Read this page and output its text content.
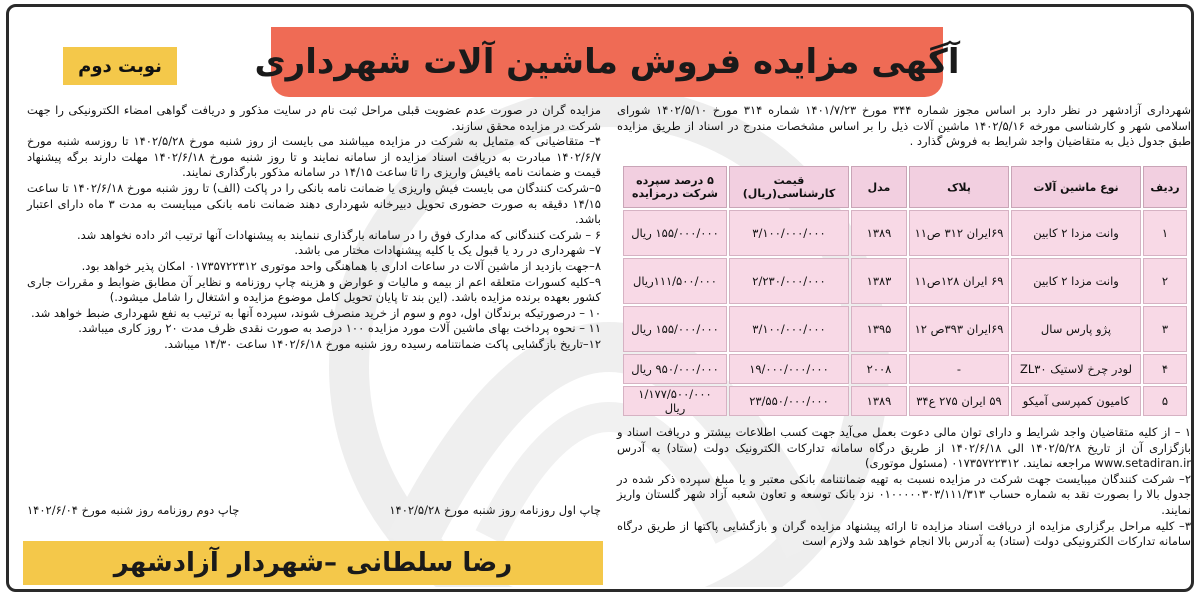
آگهی مزایده فروش ماشین آلات شهرداری
نوبت دوم

شهرداری آزادشهر در نظر دارد بر اساس مجوز شماره ۳۴۴ مورخ ۱۴۰۱/۷/۲۳ شماره ۳۱۴ مورخ ۱۴۰۲/۵/۱۰ شورای اسلامی شهر و کارشناسی مورخه ۱۴۰۲/۵/۱۶ ماشین آلات ذیل را بر اساس مشخصات مندرج در اسناد از طریق مزایده طبق جدول ذیل به متقاضیان واجد شرایط به فروش گذارد .

ردیف	نوع ماشین آلات	پلاک	مدل	قیمت کارشناسی(ریال)	۵ درصد سپرده شرکت درمزایده
۱	وانت مزدا ۲ کابین	۶۹ایران ۳۱۲ ص۱۱	۱۳۸۹	۳/۱۰۰/۰۰۰/۰۰۰	۱۵۵/۰۰۰/۰۰۰ ریال
۲	وانت مزدا ۲ کابین	۶۹ ایران ۱۲۸ص۱۱	۱۳۸۳	۲/۲۳۰/۰۰۰/۰۰۰	۱۱۱/۵۰۰/۰۰۰ریال
۳	پژو پارس سال	۶۹ایران ۳۹۳ص ۱۲	۱۳۹۵	۳/۱۰۰/۰۰۰/۰۰۰	۱۵۵/۰۰۰/۰۰۰ ریال
۴	لودر چرخ لاستیک ZL۳۰	-	۲۰۰۸	۱۹/۰۰۰/۰۰۰/۰۰۰	۹۵۰/۰۰۰/۰۰۰ ریال
۵	کامیون کمپرسی آمیکو	۵۹ ایران ۲۷۵ ع۳۴	۱۳۸۹	۲۳/۵۵۰/۰۰۰/۰۰۰	۱/۱۷۷/۵۰۰/۰۰۰ ریال

۱ – از کلیه متقاضیان واجد شرایط و دارای توان مالی دعوت بعمل می‌آید جهت کسب اطلاعات بیشتر و دریافت اسناد و بازگزاری آن از تاریخ ۱۴۰۲/۵/۲۸ الی ۱۴۰۲/۶/۱۸ از طریق درگاه سامانه تدارکات الکترونیک دولت (ستاد) به آدرس www.setadiran.ir مراجعه نمایند. ۰۱۷۳۵۷۲۲۳۱۲ (مسئول موتوری)

۲– شرکت کنندگان میبایست جهت شرکت در مزایده نسبت به تهیه ضمانتنامه بانکی معتبر و یا مبلغ سپرده ذکر شده در جدول بالا را بصورت نقد به شماره حساب ۰۱۰۰۰۰۰۳۰۳/۱۱۱/۳۱۳ نزد بانک توسعه و تعاون شعبه آزاد شهر گلستان واریز نمایند.

۳– کلیه مراحل برگزاری مزایده از دریافت اسناد مزایده تا ارائه پیشنهاد مزایده گران و بازگشایی پاکتها از طریق درگاه سامانه تدارکات الکترونیکی دولت (ستاد) به آدرس بالا انجام خواهد شد ولازم است

مزایده گران در صورت عدم عضویت قبلی مراحل ثبت نام در سایت مذکور و دریافت گواهی امضاء الکترونیکی را جهت شرکت در مزایده محقق سازند.

۴– متقاضیانی که متمایل به شرکت در مزایده میباشند می بایست از روز شنبه مورخ ۱۴۰۲/۵/۲۸ تا روزسه شنبه مورخ ۱۴۰۲/۶/۷ مبادرت به دریافت اسناد مزایده از سامانه نمایند و تا روز شنبه مورخ ۱۴۰۲/۶/۱۸ مهلت دارند برگه پیشنهاد قیمت و ضمانت نامه یافیش واریزی را تا ساعت ۱۴/۱۵ در سامانه مذکور بارگذاری نمایند.

۵–شرکت کنندگان می بایست فیش واریزی یا ضمانت نامه بانکی را در پاکت (الف) تا روز شنبه مورخ ۱۴۰۲/۶/۱۸ تا ساعت ۱۴/۱۵ دقیقه به صورت حضوری تحویل دبیرخانه شهرداری دهند ضمانت نامه بانکی میبایست به مدت ۳ ماه دارای اعتبار باشد.

۶ – شرکت کنندگانی که مدارک فوق را در سامانه بارگذاری ننمایند به پیشنهادات آنها ترتیب اثر داده نخواهد شد.

۷– شهرداری در رد یا قبول یک یا کلیه پیشنهادات مختار می باشد.

۸–جهت بازدید از ماشین آلات در ساعات اداری با هماهنگی واحد موتوری ۰۱۷۳۵۷۲۲۳۱۲ امکان پذیر خواهد بود.

۹–کلیه کسورات متعلقه اعم از بیمه و مالیات و عوارض و هزینه چاپ روزنامه و نظایر آن مطابق ضوابط و مقررات جاری کشور بعهده برنده مزایده باشد. (این بند تا پایان تحویل کامل موضوع مزایده و اشتغال را شامل میشود.)

۱۰ – درصورتیکه برندگان اول، دوم و سوم از خرید منصرف شوند، سپرده آنها به ترتیب به نفع شهرداری ضبط خواهد شد.

۱۱ – نحوه پرداخت بهای ماشین آلات مورد مزایده ۱۰۰ درصد به صورت نقدی ظرف مدت ۲۰ روز کاری میباشد.

۱۲–تاریخ بازگشایی پاکت ضمانتنامه رسیده روز شنبه مورخ ۱۴۰۲/۶/۱۸ ساعت ۱۴/۳۰ میباشد.

چاپ اول روزنامه روز شنبه مورخ ۱۴۰۲/۵/۲۸
چاپ دوم روزنامه روز شنبه مورخ ۱۴۰۲/۶/۰۴
رضا سلطانی –شهردار آزادشهر
